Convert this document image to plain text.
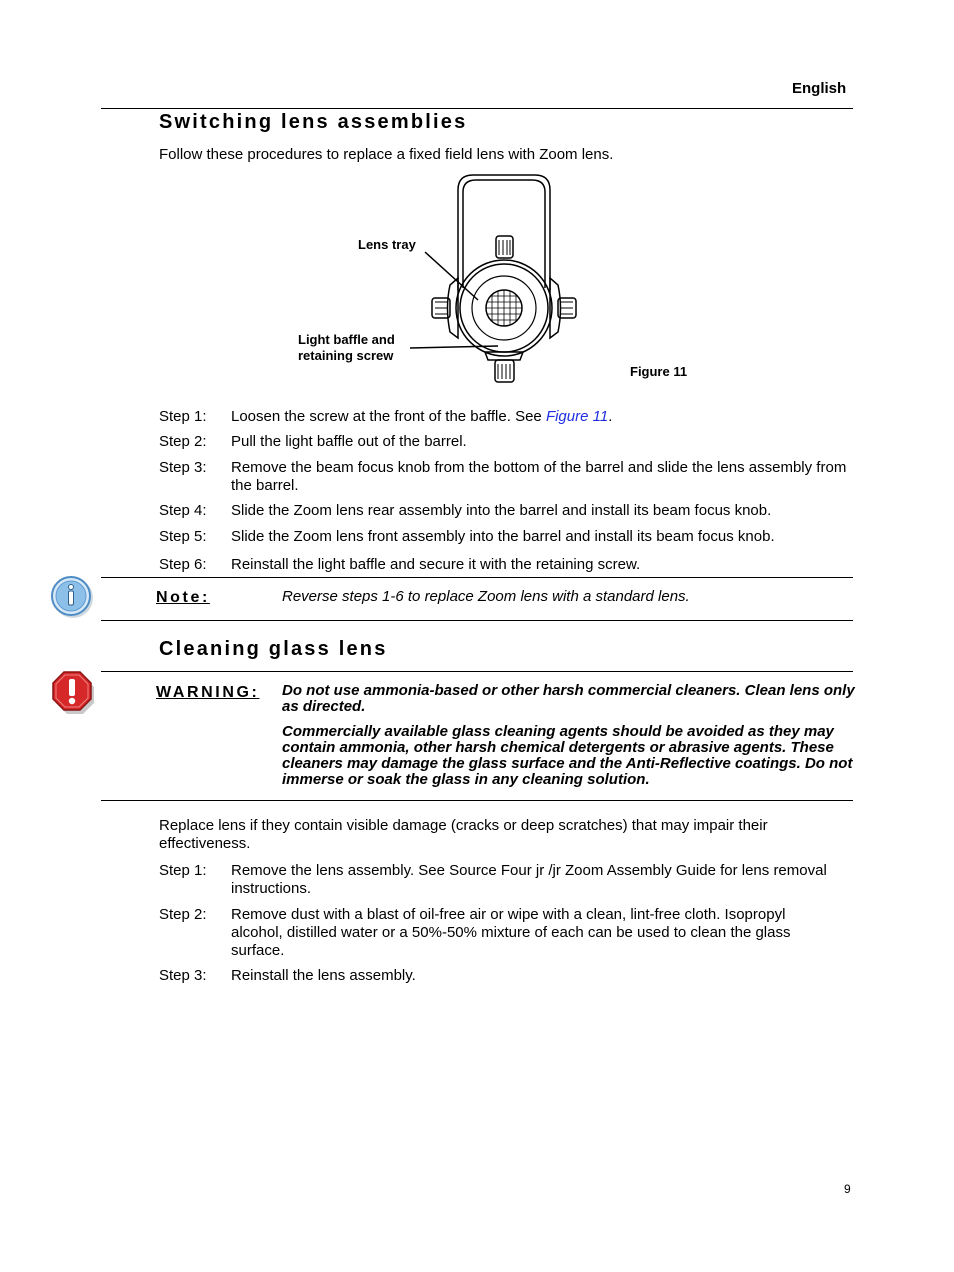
English
Switching lens assemblies
Follow these procedures to replace a fixed field lens with Zoom lens.
Lens tray
Light baffle and
retaining screw
Figure 11
Step 1: Loosen the screw at the front of the baffle. See Figure 11.
Step 2: Pull the light baffle out of the barrel.
Step 3: Remove the beam focus knob from the bottom of the barrel and slide the lens assembly from the barrel.
Step 4: Slide the Zoom lens rear assembly into the barrel and install its beam focus knob.
Step 5: Slide the Zoom lens front assembly into the barrel and install its beam focus knob.
Step 6: Reinstall the light baffle and secure it with the retaining screw.
Note:	Reverse steps 1-6 to replace Zoom lens with a standard lens.
Cleaning glass lens
WARNING: Do not use ammonia-based or other harsh commercial cleaners. Clean lens only as directed.
Commercially available glass cleaning agents should be avoided as they may contain ammonia, other harsh chemical detergents or abrasive agents. These cleaners may damage the glass surface and the Anti-Reflective coatings. Do not immerse or soak the glass in any cleaning solution.
Replace lens if they contain visible damage (cracks or deep scratches) that may impair their effectiveness.
Step 1: Remove the lens assembly. See Source Four jr /jr Zoom Assembly Guide for lens removal instructions.
Step 2: Remove dust with a blast of oil-free air or wipe with a clean, lint-free cloth. Isopropyl alcohol, distilled water or a 50%-50% mixture of each can be used to clean the glass surface.
Step 3: Reinstall the lens assembly.
9
